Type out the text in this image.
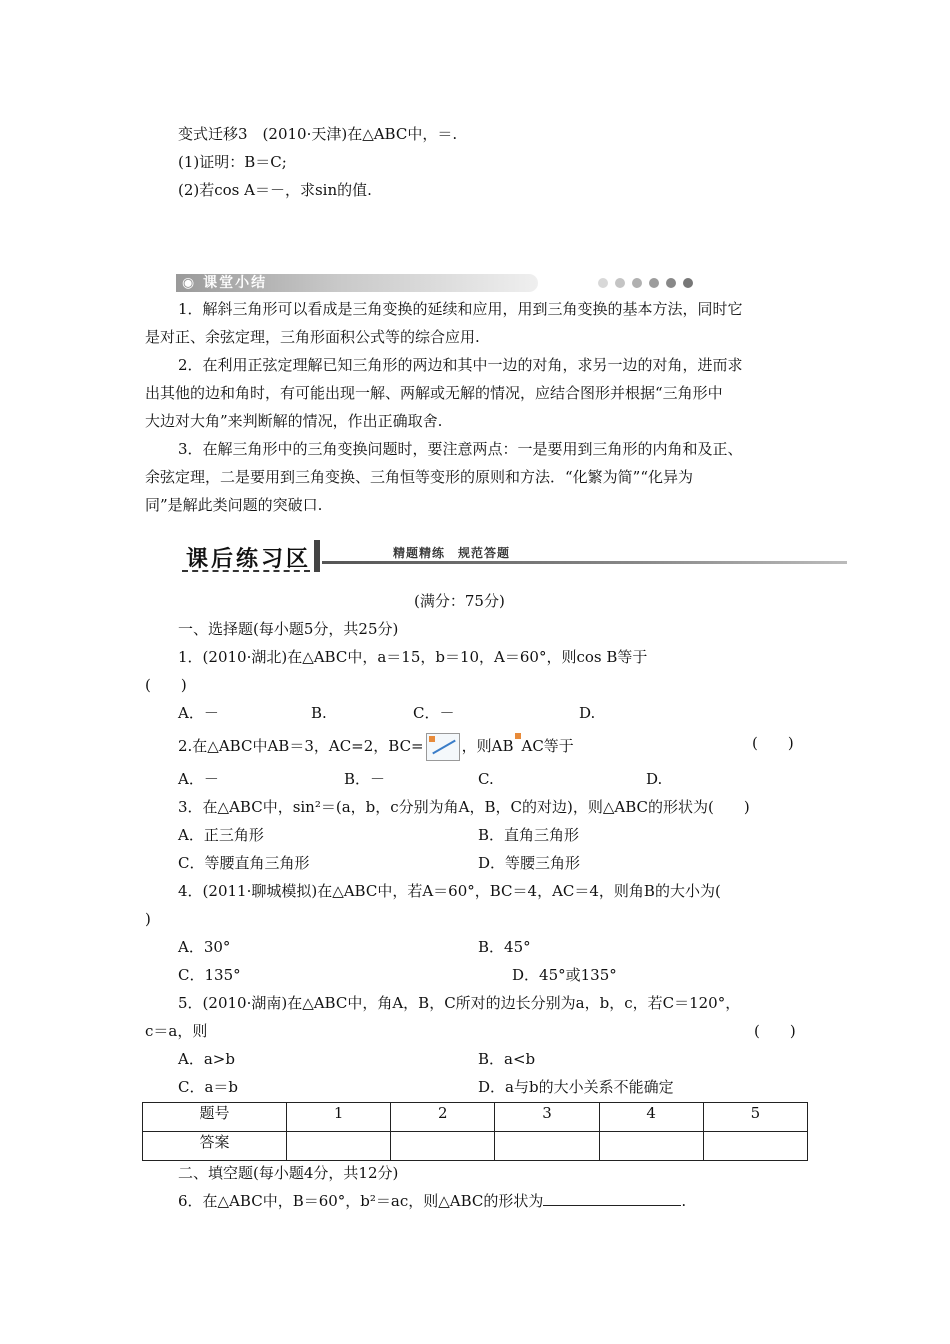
变式迁移3　(2010·天津)在△ABC中，＝.
(1)证明：B＝C;
(2)若cos A＝－，求sin的值.
◉ 课堂小结
1．解斜三角形可以看成是三角变换的延续和应用，用到三角变换的基本方法，同时它
是对正、余弦定理，三角形面积公式等的综合应用.
2．在利用正弦定理解已知三角形的两边和其中一边的对角，求另一边的对角，进而求
出其他的边和角时，有可能出现一解、两解或无解的情况，应结合图形并根据“三角形中
大边对大角”来判断解的情况，作出正确取舍.
3．在解三角形中的三角变换问题时，要注意两点：一是要用到三角形的内角和及正、
余弦定理，二是要用到三角变换、三角恒等变形的原则和方法．“化繁为简”“化异为
同”是解此类问题的突破口.
课后练习区	精题精练　规范答题
(满分：75分)
一、选择题(每小题5分，共25分)
1．(2010·湖北)在△ABC中，a＝15，b＝10，A＝60°，则cos B等于
(　　)
A．－	B.	C．－	D.
2.在△ABC中AB＝3，AC=2，BC=	，则AB AC等于	(　　)
A．－	B．－	C.	D.
3．在△ABC中，sin²＝(a，b，c分别为角A，B，C的对边)，则△ABC的形状为(　　)
A．正三角形	B．直角三角形
C．等腰直角三角形	D．等腰三角形
4．(2011·聊城模拟)在△ABC中，若A＝60°，BC＝4，AC＝4，则角B的大小为(
)
A．30°	B．45°
C．135°	D．45°或135°
5．(2010·湖南)在△ABC中，角A，B，C所对的边长分别为a，b，c，若C＝120°，
c＝a，则	(　　)
A．a>b	B．a<b
C．a＝b	D．a与b的大小关系不能确定
题号	1	2	3	4	5
答案					
二、填空题(每小题4分，共12分)
6．在△ABC中，B＝60°，b²＝ac，则△ABC的形状为	.
